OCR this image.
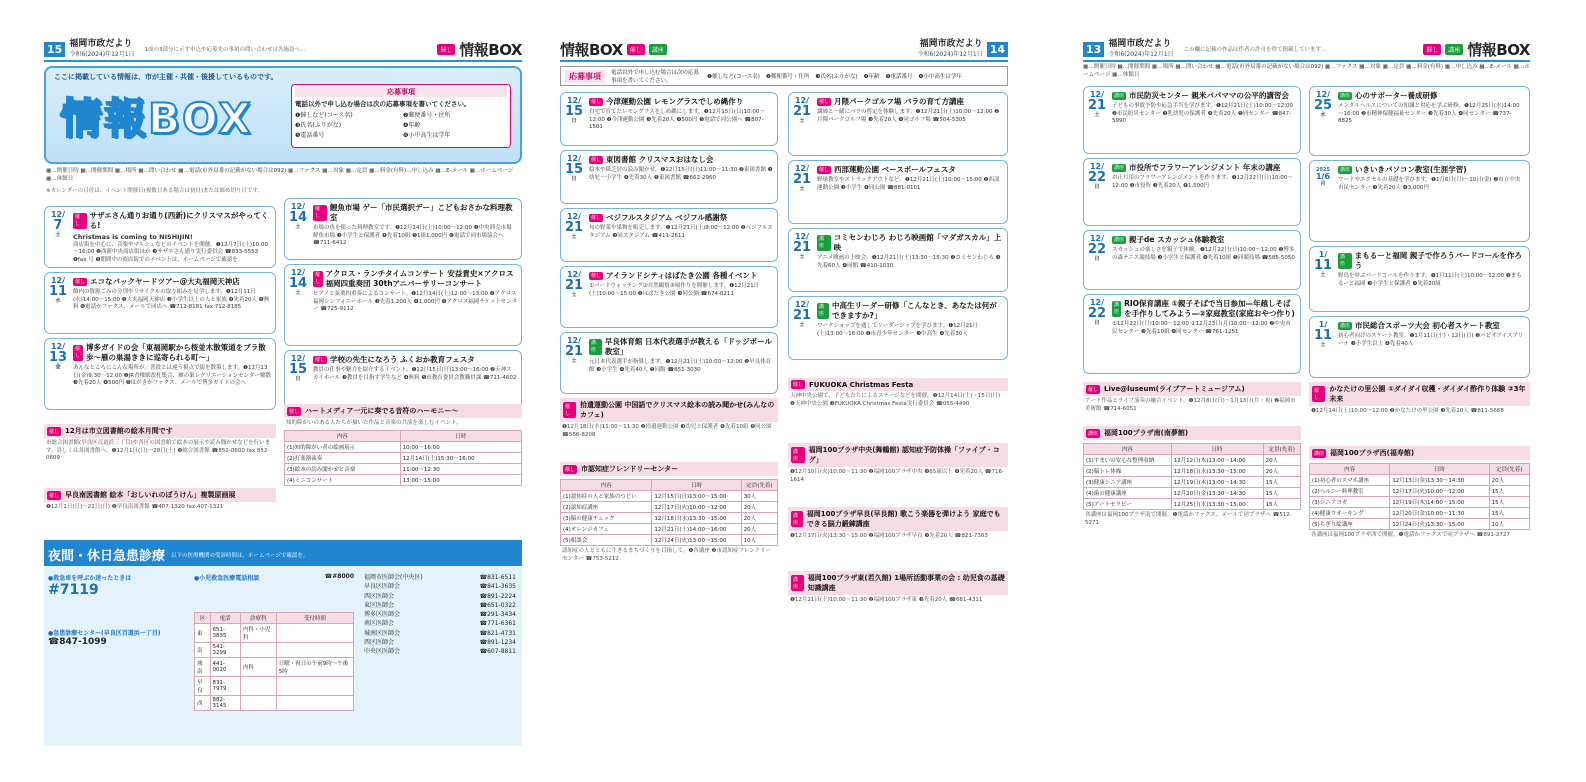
15 福岡市政だより
令和6(2024)年12月1日
1面の3部分に示す申込や応募先の事項の問い合わせは各施設へ…	催し 情報BOX
ここに掲載している情報は、市が主催・共催・後援しているものです。
情報BOX
応募事項
電話以外で申し込む場合は次の応募事項を書いてください。
❶催しなど(コース名)	❷郵便番号・住所
❸氏名(ふりがな)	❹年齢
❺電話番号	❻小中高生は学年
▦…開催日時 ▦…開催期間 ▦…場所 ▦…問い合わせ ▦…電話(市外局番の記載がない場合は092) ▦…ファクス ▦…対象 ▦…定員 ▦…料金(有料)…申し込み ▦…E-メール ▦…ホームページ ▦…休館日
※カレンダーの日付は、イベント開催日(複数日ある場合は初日)または締め切り日です。
12/
7
土
催し
サザエさん通りお通り(西新)にクリスマスがやってくる!
Christmas is coming to NISHIJIN!
商店街を中心に、音楽やマルシェなどのイベントを開催。❶12月7日(土)10:00～16:00 ❷西新中央商店街ほか ❸サザエさん通り実行委員会 ☎833-5553 ❹fax 号 ❺期間中の商店街でのイベントは、ホームページで確認を
12/
11
水
催し エコなバックヤードツアー@大丸福岡天神店
館内の資源ごみの分別やリサイクルの取り組みを見学します。❶12月11日(水)14:00～15:00 ❷大丸福岡天神店 ❸小学生以上の人と家族 ❹先着20人 ❺無料 ❻電話かファクス、メールで同店へ ☎712-8181 fax 712-8185
12/
13
金
催し
博多ガイドの会「東福岡駅から桜並木散策道をブラ散歩～雁の巣湯ききに巡寄られる町～」
あんなところにこんな場所が。普段とは違う視点で街を散策します。❶12月13日(金)9:30～12:00 ❷JR香椎駅改札集合、雁の巣レクリエーションセンター解散 ❸先着20人 ❹500円 ❺はがきかファクス、メールで博多ガイドの会へ
12/
14
土
催し
鯉魚市場 ゲー「市民選択デー」こどもおさかな料理教室
市場の魚を使った料理教室です。❶12月14日(土)10:00～12:00 ❷中央卸売市場鮮魚市場 ❸小学生と保護者 ❹先着10組 ❺1組1,000円 ❻電話で同市場協会へ ☎711-6412
12/
14
土
催し
アクロス・ランチタイムコンサート 安益貴史×アクロス福岡四重奏団 30thアニバーサリーコンサート
ピアノと弦楽四重奏によるコンサート。❶12月14日(土)12:00～13:00 ❷アクロス福岡シンフォニーホール ❸先着1,200人 ❹1,000円 ❺アクロス福岡チケットセンター ☎725-9112
12/
15
日
催し 学校の先生になろう ふくおか教育フェスタ
教員の仕事や魅力を紹介するイベント。❶12月15日(日)13:00～16:00 ❷天神スカイホール ❸教員を目指す学生など ❹無料 ❺市教育委員会教職員課 ☎711-4602
催し 12月は市立図書館の絵本月間です
市総合図書館(早良区百道浜三丁目)や各区の図書館で絵本の展示や読み聞かせなどを行います。詳しくは各図書館へ。❶12月1日(日)～28日(土) ❷総合図書館 ☎852-0600 fax 852-0609
催し 早良南図書館 絵本「おしいれのぼうけん」複製原画展
❶12月1日(日)～22日(日) ❷早良南図書館 ☎407-1320 fax 407-1321
催し ハートメディア一元に奏でる音符のハーモニー～
知的障がいのある人たちが描いた作品と音楽の共演を楽しむイベント。
内容	日時
(1)知的障がい者の絵画展示	10:00～16:00
(2)打楽器演奏	12月14日(土)15:30～16:00
(3)絵本の読み聞かせと音楽	11:00～12:30
(4)ミニコンサート	13:00～15:00
夜間・休日急患診療 以下の医療機関の受診時間は、ホームページで確認を。
●救急車を呼ぶか迷ったときは
#7119
●急患診療センター(早良区百道浜一丁目)
☎847-1099
●小児救急医療電話相談	☎#8000
区	電話	診療科	受付時間
東	651-3835	内科・小児科	
南	541-3299		
城南	441-0020	内科	日曜・祝日の午前9時～午後5時
早良	831-7979		
西	882-3145		
福岡市医師会(中央区)	☎831-6511
早良区医師会	☎841-3635
西区医師会	☎891-2224
東区医師会	☎651-0322
博多区医師会	☎291-3434
南区医師会	☎771-6361
城南区医師会	☎821-4731
西区医師会	☎891-1234
中央区医師会	☎607-8811
情報BOX	催し	講座
福岡市政だより
令和6(2024)年12月1日 14
応募事項	電話以外で申し込む場合は次の応募事項を書いてください。
❶催しなど(コース名) ❷郵便番号・住所 ❸氏名(ふりがな) ❹年齢 ❺電話番号 ❻小中高生は学年
12/
15
日
催し 今津運動公園 レモングラスでしめ縄作り
自宅で育てたレモングラスをしめ縄にします。❶12月15日(日)10:00～12:00 ❷今津運動公園 ❸先着20人 ❹500円 ❺電話で同公園へ ☎807-1501
12/
15
日
催し 東図書館 クリスマスおはなし会
絵本や紙芝居の読み聞かせ。❶12月15日(日)11:00～11:30 ❷東図書館 ❸幼児～小学生 ❹先着30人 ❺東図書館 ☎662-2960
12/
21
土
催し ベジフルスタジアム ベジフル感謝祭
旬の野菜や果物を販売します。❶12月21日(土)9:00～12:00 ❷ベジフルスタジアム ❸同スタジアム ☎411-2611
12/
21
土
催し アイランドシティはばたき公園 各種イベント
①バードウォッチング②自然観察③凧作りを開催します。❶12月21日(土)10:00～15:00 ❷はばたき公園 ❸同公園 ☎674-8211
12/
21
土
講座
早良体育館 日本代表選手が教える「ドッジボール教室」
元日本代表選手が指導します。❶12月21日(土)10:00～12:00 ❷早良体育館 ❸小学生 ❹先着40人 ❺同館 ☎851-3030
12/
21
土
催し 月隈パークゴルフ場 バラの育て方講座
講師と一緒にバラの剪定を体験します。❶12月21日(土)10:00～12:00 ❷月隈パークゴルフ場 ❸先着20人 ❹同ゴルフ場 ☎504-5305
12/
21
土
催し 西部運動公園 ベースボールフェスタ
野球教室やストラックアウトなど。❶12月21日(土)10:00～15:00 ❷西部運動公園 ❸小学生 ❹同公園 ☎881-0101
12/
21
土
講座
コミセンわじろ わじろ映画館「マダガスカル」上映
アニメ映画の上映会。❶12月21日(土)13:30～15:30 ❷コミセンわじろ ❸先着60人 ❹同館 ☎410-1030
12/
21
土
講座
中高生リーダー研修「こんなとき、あなたは何ができますか?」
ワークショップを通してリーダーシップを学びます。❶12月21日(土)13:00～16:00 ❷市青少年センター ❸中高生 ❹先着30人
催し
拾遺運動公園 中国語でクリスマス絵本の読み聞かせ(みんなのカフェ)
❶12月18日(水)11:00～11:30 ❷拾遺運動公園 ❸幼児と保護者 ❹先着10組 ❺同公園 ☎566-8208
催し 市認知症フレンドリーセンター
内容	日時	定員(先着)
(1)認知症の人と家族のつどい	12月15日(日)13:00～15:00	30人
(2)認知症講座	12月17日(火)10:00～12:00	20人
(3)脳の健康チェック	12月18日(水)13:30～15:00	20人
(4)オレンジカフェ	12月21日(土)14:00～16:00	20人
(5)相談会	12月24日(火)13:00～15:00	10人
認知症の人とともに生きるまちづくりを目指して。❶各講座 ❷市認知症フレンドリーセンター ☎753-5212
催し FUKUOKA Christmas Festa
天神中央公園で、子どもたちによるステージなどを開催。❶12月14日(土)・15日(日) ❷天神中央公園 ❸FUKUOKA Christmas Festa実行委員会 ☎055-4490
講座
福岡100プラザ中央(舞鶴館) 認知症予防体操「ファイブ・コグ」
❶12月10日(火)10:00～11:30 ❷福岡100プラザ中央 ❸65歳以上 ❹先着20人 ☎716-1614
講座
福岡100プラザ早良(早良館) 歌こう楽器を弾けよう 家庭でもできる脳力鍛錬講座
❶12月17日(火)13:30～15:00 ❷福岡100プラザ早良 ❸先着20人 ☎821-7303
講座
福岡100プラザ東(若久館) 1場所活動事業の会 : 幼児食の基礎知識講座
❶12月21日(土)10:00～11:30 ❷福岡100プラザ東 ❸先着20人 ☎681-4311
13 福岡市政だより
令和6(2024)年12月1日
この欄に記載の作品は作者の許可を得て掲載しています…	催し	講座 情報BOX
▦…開催日時 ▦…開催期間 ▦…場所 ▦…問い合わせ ▦…電話(市外局番の記載がない場合は092) ▦…ファクス ▦…対象 ▦…定員 ▦…料金(有料) ▦…申し込み ▦…E-メール ▦…ホームページ ▦…休館日
12/
21
土
講座 市民防災センター 親米パパママの公平的講習会
子どもの事故予防や応急手当を学びます。❶12月21日(土)10:00～12:00 ❷市民防災センター ❸乳幼児の保護者 ❹先着20人 ❺同センター ☎847-5990
12/
22
日
講座 市役所でフラワーアレンジメント 年末の講座
お正月用のフラワーアレンジメントを作ります。❶12月22日(日)10:00～12:00 ❷市役所 ❸先着20人 ❹1,500円
12/
22
日
講座 親子de スカッシュ体験教室
スカッシュの楽しさを親子で体験。❶12月22日(日)10:00～12:00 ❷博多の森テニス競技場 ❸小学生と保護者 ❹先着10組 ❺同競技場 ☎585-5050
12/
22
日
講座
RIO保育講座 ①親子そばで当日参加—年越しそばを手作りしてみよう—②家庭教室(家庭おやつ作り)
①12月22日(日)10:00～12:00 ②12月23日(月)10:00～12:00 ❷中央市民センター ❸先着10組 ❹同センター ☎761-1251
12/
25
水
講座 心のサポーター養成研修
メンタルヘルスについての知識と対応を学ぶ研修。❶12月25日(水)14:00～16:00 ❷市精神保健福祉センター ❸先着30人 ❹同センター ☎737-8825
2025
1/6
月
講座 いきいきパソコン教室(生涯学習)
ワードやエクセルの基礎を学びます。❶1月6日(月)～10日(金) ❷市立中央市民センター ❸先着20人 ❹3,000円
1/
11
土
講座
まもるーと福岡 親子で作ろうバードコールを作ろう
野鳥を呼ぶバードコールを作ります。❶1月11日(土)10:00～12:00 ❷まもるーと福岡 ❸小学生と保護者 ❹先着20組
1/
11
土
講座 市民総合スポーツ大会 初心者スケート教室
初心者向けのスケート教室。❶1月11日(土)・12日(日) ❷パピオアイスアリーナ ❸小学生以上 ❹先着40人
催し Live@luseum(ライブアートミュージアム)
アート作品とライブ演奏の融合イベント。❶12月8日(日)～1月13日(月・祝) ❷福岡市美術館 ☎714-6051
講座 福岡100プラザ南(南夢館)
内容	日時	定員(先着)
(1)すまいの安心な整理収納	12月12日(木)13:00～14:00	20人
(2)脳トレ体操	12月18日(水)13:30～15:00	20人
(3)健康シニア講座	12月19日(木)13:00～14:30	15人
(4)歯の健康講座	12月20日(金)13:30～14:30	15人
(5)アートセラピー	12月25日(水)13:30～15:00	15人
各講座は福岡100プラザ南で開催。❶電話かファクス、メールで同プラザへ ☎512-5271
催し
かなたけの里公園 ①ダイダイ収穫・ダイダイ酢作り体験 ②3年未来
❶12月14日(土)10:00～12:00 ❷かなたけの里公園 ❸先着20人 ☎811-5668
講座 福岡100プラザ西(福寿館)
内容	日時	定員(先着)
(1)初心者のスマホ講座	12月13日(金)13:30～14:30	20人
(2)ヘルシー料理教室	12月17日(火)10:00～12:00	15人
(3)シニアヨガ	12月19日(木)14:00～15:00	15人
(4)健康ウオーキング	12月20日(金)10:00～11:30	15人
(5)ちぎり絵講座	12月24日(火)13:30～15:00	10人
各講座は福岡100プラザ西で開催。❶電話かファクスで同プラザへ ☎891-2727
